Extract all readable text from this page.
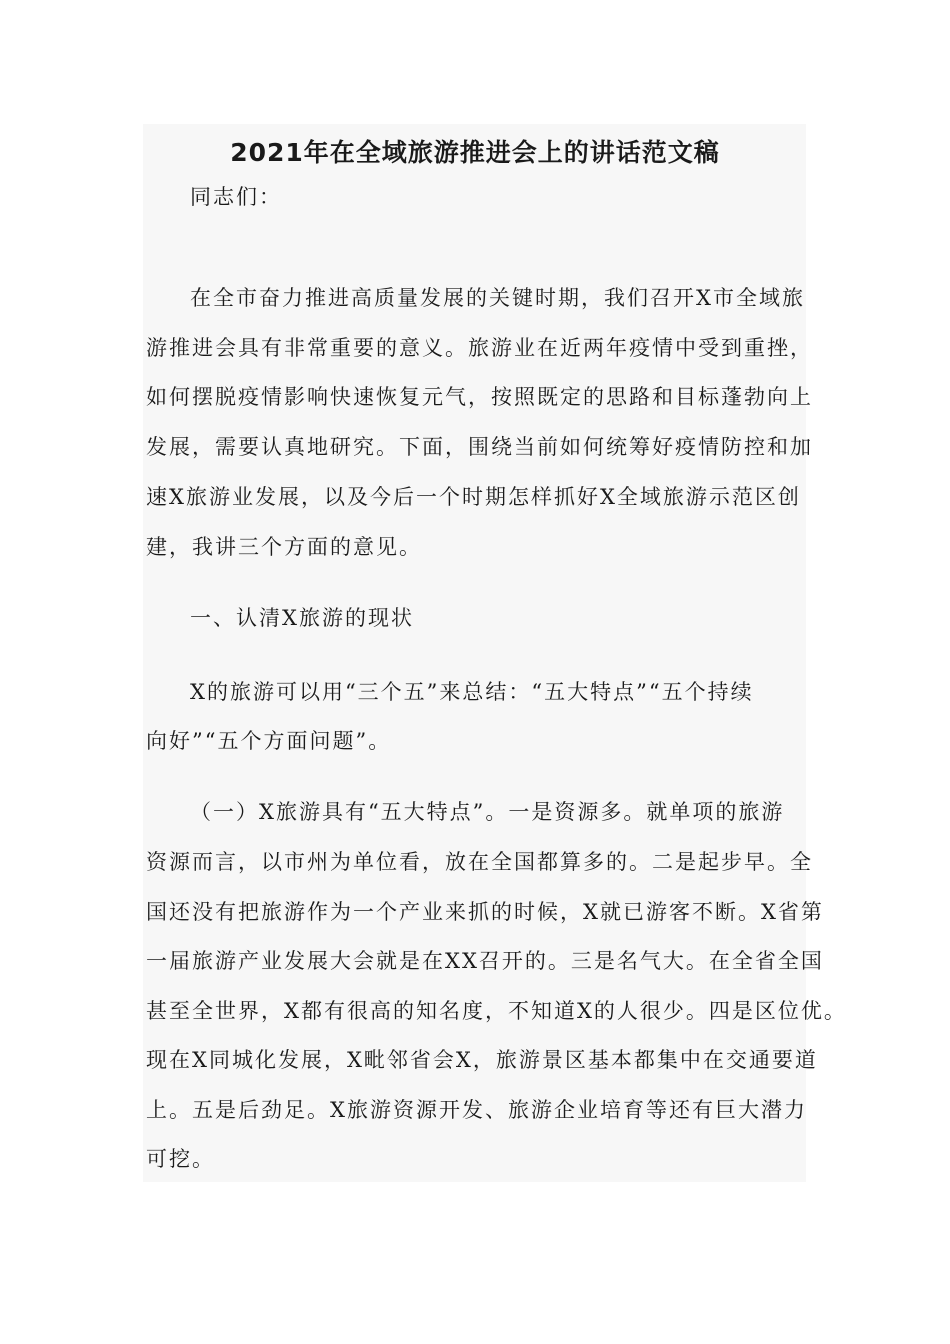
2021年在全域旅游推进会上的讲话范文稿

同志们：

在全市奋力推进高质量发展的关键时期，我们召开X市全域旅

游推进会具有非常重要的意义。旅游业在近两年疫情中受到重挫，

如何摆脱疫情影响快速恢复元气，按照既定的思路和目标蓬勃向上

发展，需要认真地研究。下面，围绕当前如何统筹好疫情防控和加

速X旅游业发展，以及今后一个时期怎样抓好X全域旅游示范区创

建，我讲三个方面的意见。

一、认清X旅游的现状

X的旅游可以用“三个五”来总结：“五大特点”“五个持续

向好”“五个方面问题”。

（一）X旅游具有“五大特点”。一是资源多。就单项的旅游

资源而言，以市州为单位看，放在全国都算多的。二是起步早。全

国还没有把旅游作为一个产业来抓的时候，X就已游客不断。X省第

一届旅游产业发展大会就是在XX召开的。三是名气大。在全省全国

甚至全世界，X都有很高的知名度，不知道X的人很少。四是区位优。

现在X同城化发展，X毗邻省会X，旅游景区基本都集中在交通要道

上。五是后劲足。X旅游资源开发、旅游企业培育等还有巨大潜力

可挖。
